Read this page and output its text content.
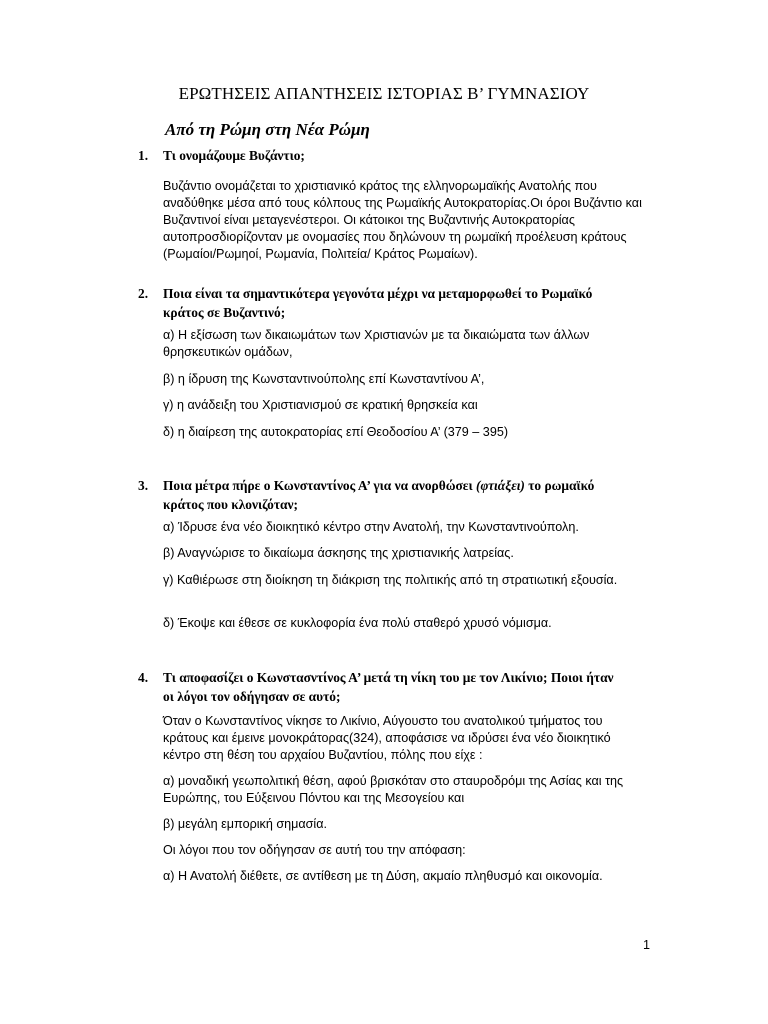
ΕΡΩΤΗΣΕΙΣ ΑΠΑΝΤΗΣΕΙΣ ΙΣΤΟΡΙΑΣ Β’ ΓΥΜΝΑΣΙΟΥ
Από τη Ρώμη στη Νέα Ρώμη
1. Τι ονομάζουμε Βυζάντιο;
Βυζάντιο ονομάζεται το χριστιανικό κράτος της ελληνορωμαϊκής Ανατολής που αναδύθηκε μέσα από τους κόλπους της Ρωμαϊκής Αυτοκρατορίας.Οι όροι Βυζάντιο και Βυζαντινοί είναι μεταγενέστεροι. Οι κάτοικοι της Βυζαντινής Αυτοκρατορίας αυτοπροσδιορίζονταν με ονομασίες που δηλώνουν τη ρωμαϊκή προέλευση κράτους (Ρωμαίοι/Ρωμηοί, Ρωμανία, Πολιτεία/ Κράτος Ρωμαίων).
2. Ποια είναι τα σημαντικότερα γεγονότα μέχρι να μεταμορφωθεί το Ρωμαϊκό κράτος σε Βυζαντινό;
α) Η εξίσωση των δικαιωμάτων των Χριστιανών με τα δικαιώματα των άλλων θρησκευτικών ομάδων,
β) η ίδρυση της Κωνσταντινούπολης επί Κωνσταντίνου Α’,
γ) η ανάδειξη του Χριστιανισμού σε κρατική θρησκεία και
δ) η διαίρεση της αυτοκρατορίας επί Θεοδοσίου Α’ (379 – 395)
3. Ποια μέτρα πήρε ο Κωνσταντίνος Α’ για να ανορθώσει (φτιάξει) το ρωμαϊκό κράτος που κλονιζόταν;
α) Ίδρυσε ένα νέο διοικητικό κέντρο στην Ανατολή, την Κωνσταντινούπολη.
β) Αναγνώρισε το δικαίωμα άσκησης της χριστιανικής λατρείας.
γ) Καθιέρωσε στη διοίκηση τη διάκριση της πολιτικής από τη στρατιωτική εξουσία.
δ) Έκοψε και έθεσε σε κυκλοφορία ένα πολύ σταθερό χρυσό νόμισμα.
4. Τι αποφασίζει ο Κωνστασντίνος Α’ μετά τη νίκη του με τον Λικίνιο; Ποιοι ήταν οι λόγοι τον οδήγησαν σε αυτό;
Όταν ο Κωνσταντίνος νίκησε το Λικίνιο, Αύγουστο του ανατολικού τμήματος του κράτους και έμεινε μονοκράτορας(324), αποφάσισε να ιδρύσει ένα νέο διοικητικό κέντρο στη θέση του αρχαίου Βυζαντίου, πόλης που είχε :
α) μοναδική γεωπολιτική θέση, αφού βρισκόταν στο σταυροδρόμι της Ασίας και της Ευρώπης, του Εύξεινου Πόντου και της Μεσογείου και
β) μεγάλη εμπορική σημασία.
Οι λόγοι που τον οδήγησαν σε αυτή του την απόφαση:
α) Η Ανατολή διέθετε, σε αντίθεση με τη Δύση, ακμαίο πληθυσμό και οικονομία.
1
